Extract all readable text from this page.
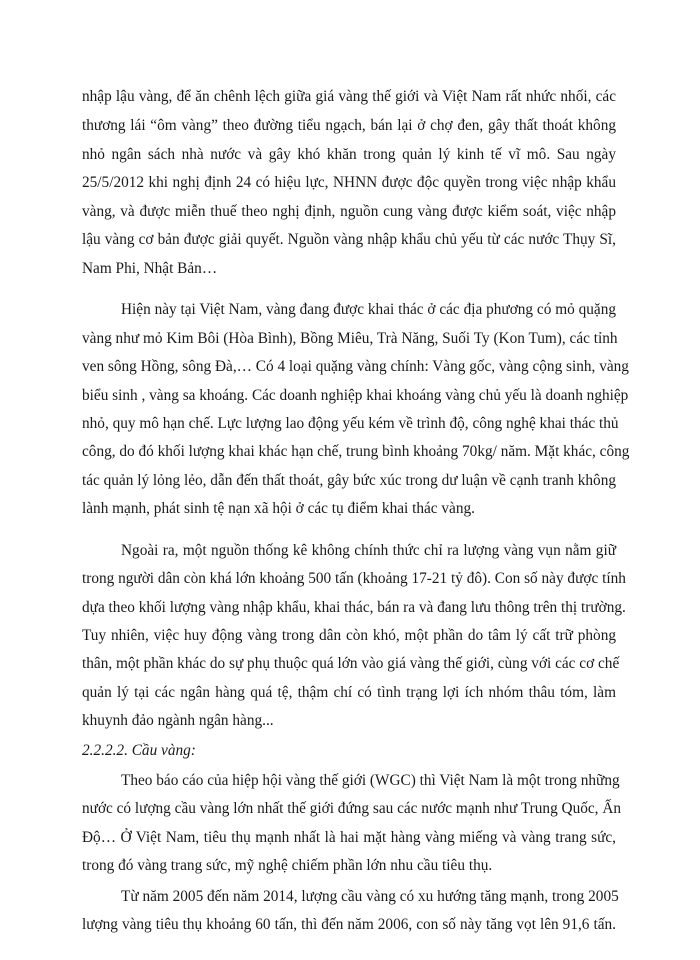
nhập lậu vàng, để ăn chênh lệch giữa giá vàng thế giới và Việt Nam rất nhức nhối, các
thương lái “ôm vàng” theo đường tiểu ngạch, bán lại ở chợ đen, gây thất thoát không
nhỏ ngân sách nhà nước và gây khó khăn trong quản lý kinh tế vĩ mô. Sau ngày
25/5/2012 khi nghị định 24 có hiệu lực, NHNN được độc quyền trong việc nhập khẩu
vàng, và được miễn thuế theo nghị định, nguồn cung vàng được kiểm soát, việc nhập
lậu vàng cơ bản được giải quyết. Nguồn vàng nhập khẩu chủ yếu từ các nước Thụy Sĩ,
Nam Phi, Nhật Bản…
Hiện này tại Việt Nam, vàng đang được khai thác ở các địa phương có mỏ quặng
vàng như mỏ Kim Bôi (Hòa Bình), Bồng Miêu, Trà Năng, Suối Ty (Kon Tum), các tỉnh
ven sông Hồng, sông Đà,… Có 4 loại quặng vàng chính: Vàng gốc, vàng cộng sinh, vàng
biểu sinh , vàng sa khoáng. Các doanh nghiệp khai khoáng vàng chủ yếu là doanh nghiệp
nhỏ, quy mô hạn chế. Lực lượng lao động yếu kém về trình độ, công nghệ khai thác thủ
công, do đó khối lượng khai khác hạn chế, trung bình khoảng 70kg/ năm. Mặt khác, công
tác quản lý lỏng lẻo, dẫn đến thất thoát, gây bức xúc trong dư luận về cạnh tranh không
lành mạnh, phát sinh tệ nạn xã hội ở các tụ điểm khai thác vàng.
Ngoài ra, một nguồn thống kê không chính thức chỉ ra lượng vàng vụn nằm giữ
trong người dân còn khá lớn khoảng 500 tấn (khoảng 17-21 tỷ đô). Con số này được tính
dựa theo khối lượng vàng nhập khẩu, khai thác, bán ra và đang lưu thông trên thị trường.
Tuy nhiên, việc huy động vàng trong dân còn khó, một phần do tâm lý cất trữ phòng
thân, một phần khác do sự phụ thuộc quá lớn vào giá vàng thế giới, cùng với các cơ chế
quản lý tại các ngân hàng quá tệ, thậm chí có tình trạng lợi ích nhóm thâu tóm, làm
khuynh đảo ngành ngân hàng...
2.2.2.2. Cầu vàng:
Theo báo cáo của hiệp hội vàng thế giới (WGC) thì Việt Nam là một trong những
nước có lượng cầu vàng lớn nhất thế giới đứng sau các nước mạnh như Trung Quốc, Ấn
Độ… Ở Việt Nam, tiêu thụ mạnh nhất là hai mặt hàng vàng miếng và vàng trang sức,
trong đó vàng trang sức, mỹ nghệ chiếm phần lớn nhu cầu tiêu thụ.
Từ năm 2005 đến năm 2014, lượng cầu vàng có xu hướng tăng mạnh, trong 2005
lượng vàng tiêu thụ khoảng 60 tấn, thì đến năm 2006, con số này tăng vọt lên 91,6 tấn.
